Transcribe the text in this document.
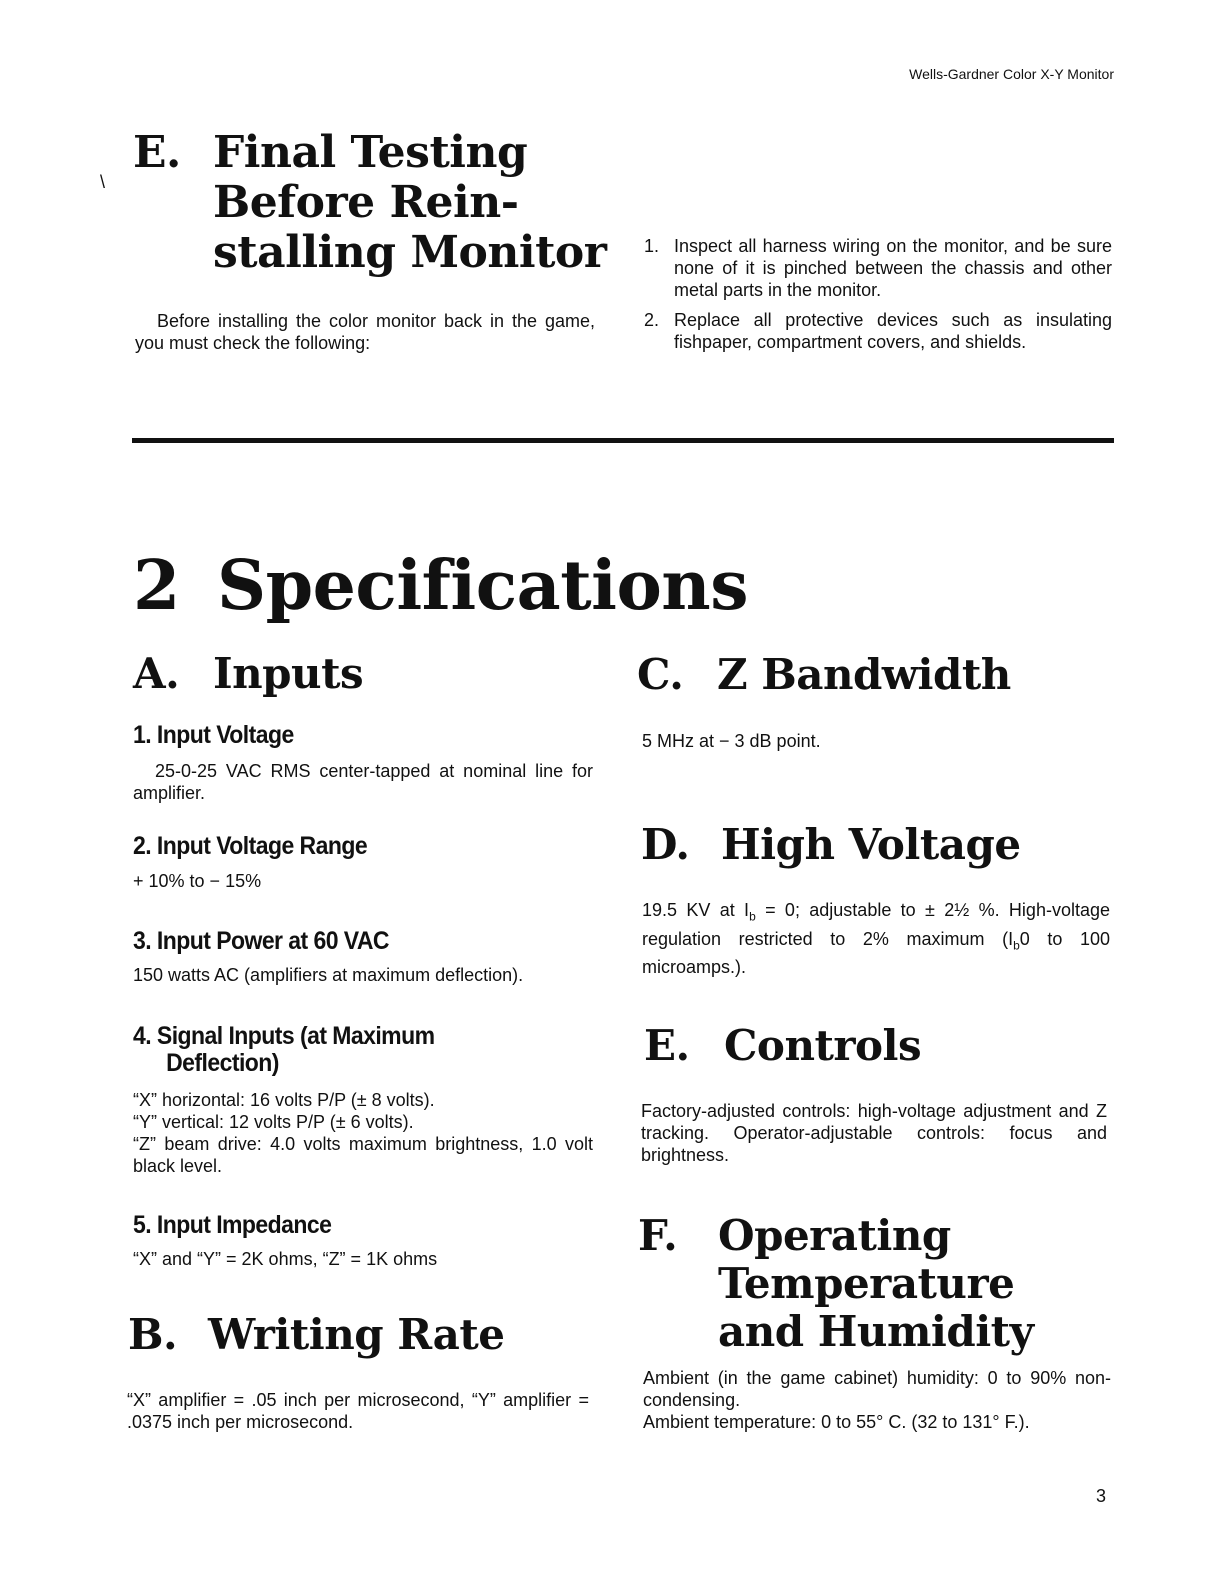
Wells-Gardner Color X-Y Monitor
\
E. Final Testing
Before Rein-
stalling Monitor
Before installing the color monitor back in the game, you must check the following:
1. Inspect all harness wiring on the monitor, and be sure none of it is pinched between the chassis and other metal parts in the monitor.
2. Replace all protective devices such as insulating fishpaper, compartment covers, and shields.
2 Specifications
A. Inputs
1. Input Voltage
25-0-25 VAC RMS center-tapped at nominal line for amplifier.
2. Input Voltage Range
+ 10% to − 15%
3. Input Power at 60 VAC
150 watts AC (amplifiers at maximum deflection).
4. Signal Inputs (at Maximum
Deflection)
“X” horizontal: 16 volts P/P (± 8 volts).
“Y” vertical: 12 volts P/P (± 6 volts).
“Z” beam drive: 4.0 volts maximum brightness, 1.0 volt black level.
5. Input Impedance
“X” and “Y” = 2K ohms, “Z” = 1K ohms
B. Writing Rate
“X” amplifier = .05 inch per microsecond, “Y” amplifier = .0375 inch per microsecond.
C. Z Bandwidth
5 MHz at − 3 dB point.
D. High Voltage
19.5 KV at $I_b = 0$; adjustable to ± 2½ %. High-voltage regulation restricted to 2% maximum ($I_b0$ to 100 microamps.).
E. Controls
Factory-adjusted controls: high-voltage adjustment and Z tracking. Operator-adjustable controls: focus and brightness.
F. Operating
Temperature
and Humidity
Ambient (in the game cabinet) humidity: 0 to 90% non-condensing.
Ambient temperature: 0 to 55° C. (32 to 131° F.).
3
